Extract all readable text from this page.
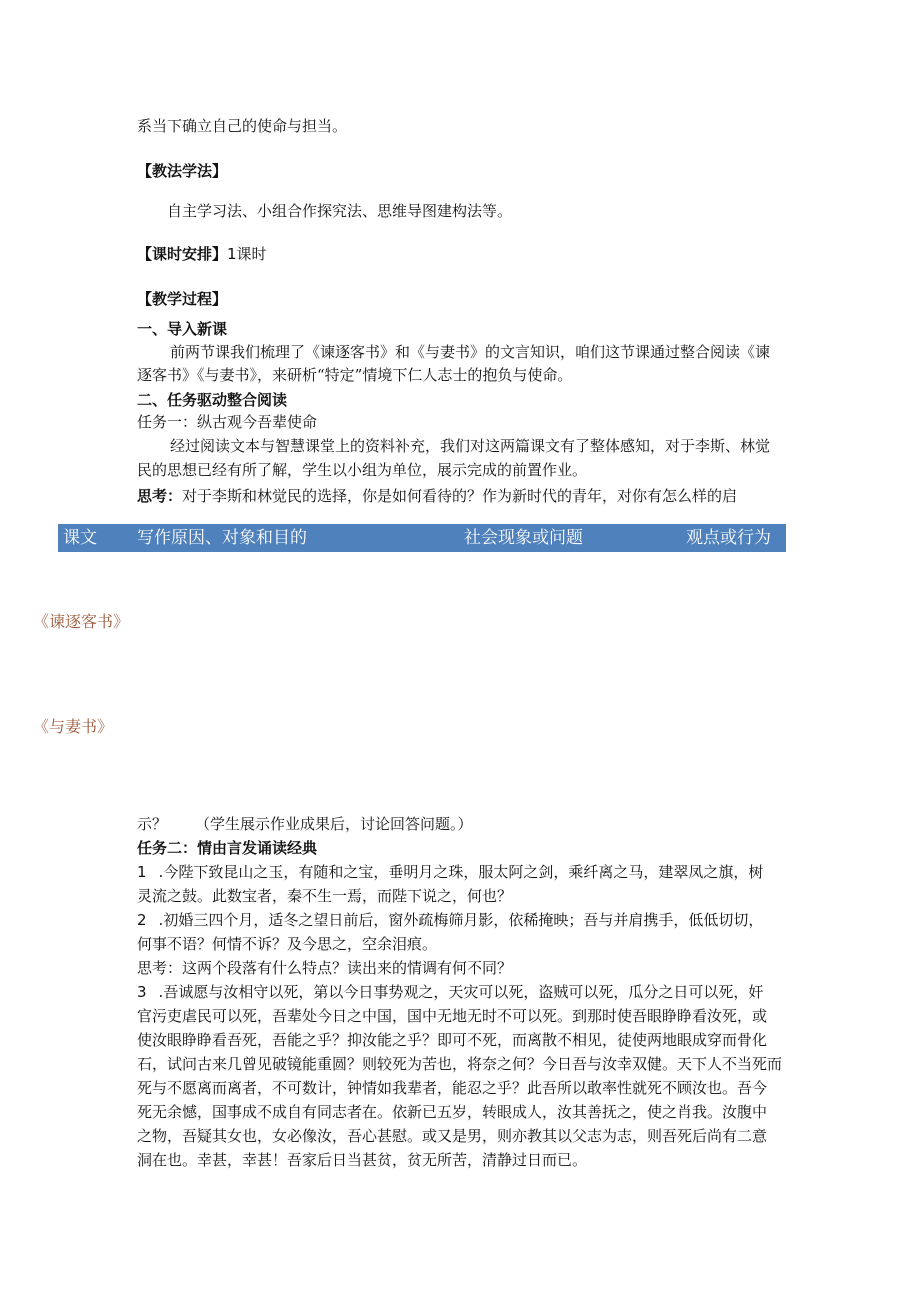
系当下确立自己的使命与担当。
【教法学法】
自主学习法、小组合作探究法、思维导图建构法等。
【课时安排】1课时
【教学过程】
一、导入新课
前两节课我们梳理了《谏逐客书》和《与妻书》的文言知识，咱们这节课通过整合阅读《谏
逐客书》《与妻书》，来研析“特定”情境下仁人志士的抱负与使命。
二、任务驱动整合阅读
任务一：纵古观今吾辈使命
经过阅读文本与智慧课堂上的资料补充，我们对这两篇课文有了整体感知，对于李斯、林觉
民的思想已经有所了解，学生以小组为单位，展示完成的前置作业。
思考：对于李斯和林觉民的选择，你是如何看待的？作为新时代的青年，对你有怎么样的启
课文 写作原因、对象和目的	社会现象或问题	观点或行为
《谏逐客书》
《与妻书》
示？ （学生展示作业成果后，讨论回答问题。）
任务二：情由言发诵读经典
1 .今陛下致昆山之玉，有随和之宝，垂明月之珠，服太阿之剑，乘纤离之马，建翠凤之旗，树
灵流之鼓。此数宝者，秦不生一焉，而陛下说之，何也？
2 .初婚三四个月，适冬之望日前后，窗外疏梅筛月影，依稀掩映；吾与并肩携手，低低切切，
何事不语？何情不诉？及今思之，空余泪痕。
思考：这两个段落有什么特点？读出来的情调有何不同？
3 .吾诚愿与汝相守以死，第以今日事势观之，天灾可以死，盗贼可以死，瓜分之日可以死，奸
官污吏虐民可以死，吾辈处今日之中国，国中无地无时不可以死。到那时使吾眼睁睁看汝死，或
使汝眼睁睁看吾死，吾能之乎？抑汝能之乎？即可不死，而离散不相见，徒使两地眼成穿而骨化
石，试问古来几曾见破镜能重圆？则较死为苦也，将奈之何？今日吾与汝幸双健。天下人不当死而
死与不愿离而离者，不可数计，钟情如我辈者，能忍之乎？此吾所以敢率性就死不顾汝也。吾今
死无余憾，国事成不成自有同志者在。依新已五岁，转眼成人，汝其善抚之，使之肖我。汝腹中
之物，吾疑其女也，女必像汝，吾心甚慰。或又是男，则亦教其以父志为志，则吾死后尚有二意
洞在也。幸甚，幸甚！吾家后日当甚贫，贫无所苦，清静过日而已。
